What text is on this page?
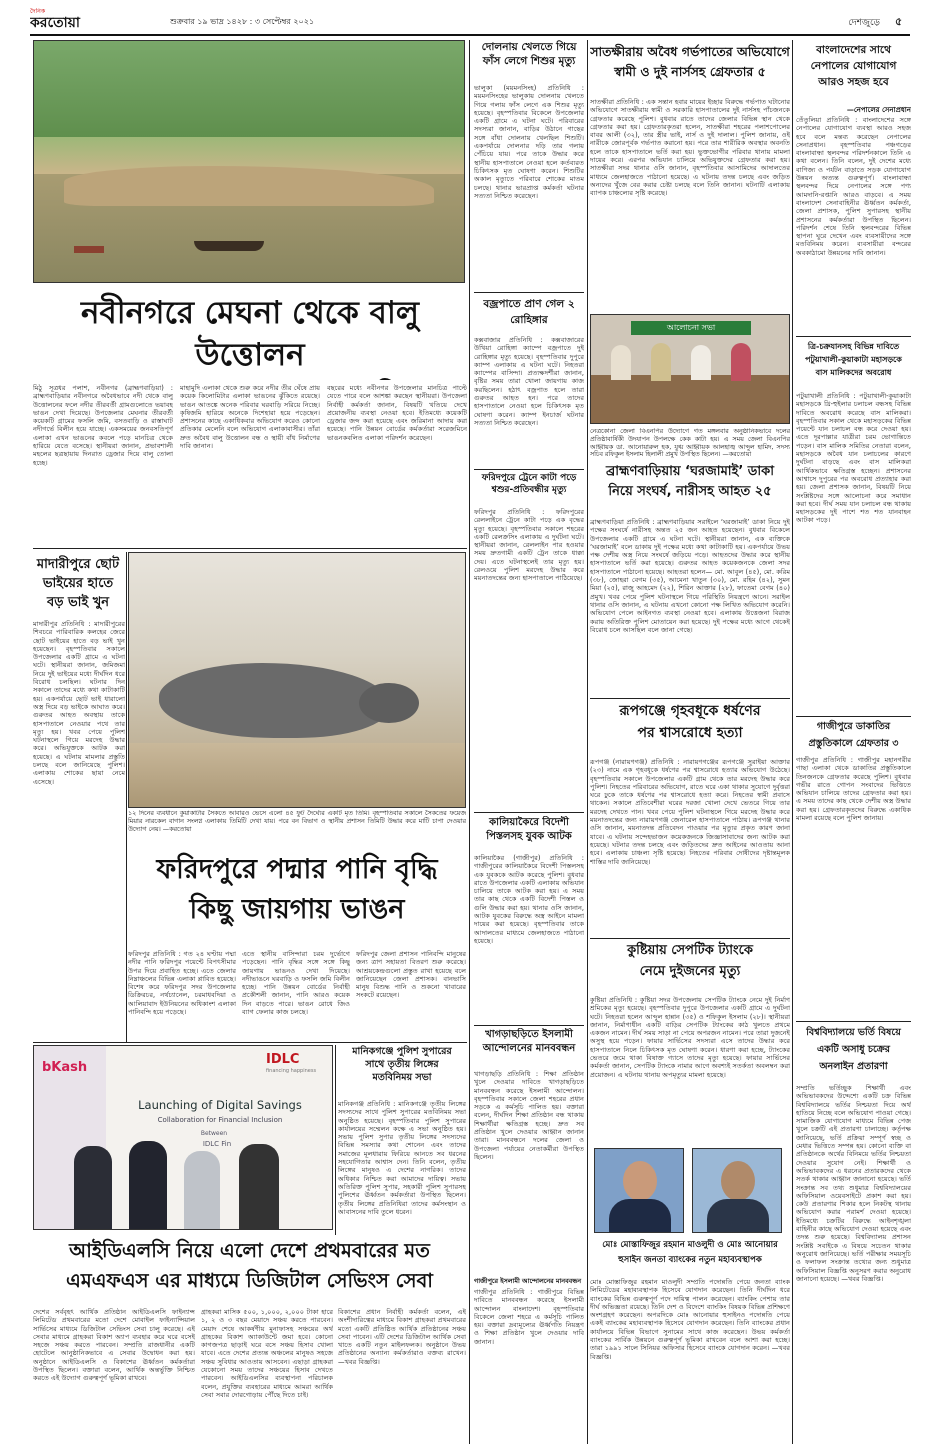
দৈনিক
করতোয়া	শুক্রবার ১৯ ভাদ্র ১৪২৮ : ৩ সেপ্টেম্বর ২০২১	দেশজুড়ে ৫
নবীনগরে মেঘনা থেকে বালু উত্তোলন
মিঠু সূত্রধর পলাশ, নবীনগর (ব্রাহ্মণবাড়িয়া) : ব্রাহ্মণবাড়িয়ার নবীনগরে অবৈধভাবে নদী থেকে বালু উত্তোলনের ফলে নদীর তীরবর্তী গ্রামগুলোতে ভয়াবহ ভাঙন দেখা দিয়েছে। উপজেলার মেঘনার তীরবর্তী কয়েকটি গ্রামের ফসলি জমি, বসতবাড়ি ও রাস্তাঘাট নদীগর্ভে বিলীন হয়ে যাচ্ছে। একসময়ের জনবসতিপূর্ণ এলাকা এখন ভাঙনের কবলে পড়ে মানচিত্র থেকে হারিয়ে যেতে বসেছে। স্থানীয়রা জানান, প্রভাবশালী মহলের ছত্রছায়ায় দিনরাত ড্রেজার দিয়ে বালু তোলা হচ্ছে।
মাহামুদি এলাকা থেকে শুরু করে নদীর তীর ঘেঁষে প্রায় কয়েক কিলোমিটার এলাকা ভাঙনের ঝুঁকিতে রয়েছে। ভাঙন আতঙ্কে অনেক পরিবার ঘরবাড়ি সরিয়ে নিচ্ছে। কৃষিজমি হারিয়ে অনেকে দিশেহারা হয়ে পড়েছেন। প্রশাসনের কাছে একাধিকবার অভিযোগ করেও কোনো প্রতিকার মেলেনি বলে অভিযোগ এলাকাবাসীর। তাঁরা দ্রুত অবৈধ বালু উত্তোলন বন্ধ ও স্থায়ী বাঁধ নির্মাণের দাবি জানান।
বছরের মধ্যে নবীনগর উপজেলার মানচিত্র পাল্টে যেতে পারে বলে আশঙ্কা করছেন স্থানীয়রা। উপজেলা নির্বাহী কর্মকর্তা জানান, বিষয়টি খতিয়ে দেখে প্রয়োজনীয় ব্যবস্থা নেওয়া হবে। ইতিমধ্যে কয়েকটি ড্রেজার জব্দ করা হয়েছে এবং জরিমানা আদায় করা হয়েছে। পানি উন্নয়ন বোর্ডের কর্মকর্তারা সরেজমিনে ভাঙনকবলিত এলাকা পরিদর্শন করেছেন।
মাদারীপুরে ছোট ভাইয়ের হাতে বড় ভাই খুন
মাদারীপুর প্রতিনিধি : মাদারীপুরের শিবচরে পারিবারিক কলহের জেরে ছোট ভাইয়ের হাতে বড় ভাই খুন হয়েছেন। বৃহস্পতিবার সকালে উপজেলার একটি গ্রামে এ ঘটনা ঘটে। স্থানীয়রা জানান, জমিজমা নিয়ে দুই ভাইয়ের মধ্যে দীর্ঘদিন ধরে বিরোধ চলছিল। ঘটনার দিন সকালে তাদের মধ্যে কথা কাটাকাটি হয়। একপর্যায়ে ছোট ভাই ধারালো অস্ত্র দিয়ে বড় ভাইকে আঘাত করে। গুরুতর আহত অবস্থায় তাকে হাসপাতালে নেওয়ার পথে তার মৃত্যু হয়। খবর পেয়ে পুলিশ ঘটনাস্থলে গিয়ে মরদেহ উদ্ধার করে। অভিযুক্তকে আটক করা হয়েছে। এ ঘটনায় মামলার প্রস্তুতি চলছে বলে জানিয়েছে পুলিশ। এলাকায় শোকের ছায়া নেমে এসেছে।
১২ দিনের ব্যবধানে কুয়াকাটার সৈকতে আবারও ভেসে এলো ৪৫ ফুট দৈর্ঘ্যের একটি মৃত তিমি। বৃহস্পতিবার সকালে সৈকতের ফয়েজ মিয়ার নারকেল বাগান সংলগ্ন এলাকায় তিমিটি দেখা যায়। পরে বন বিভাগ ও স্থানীয় প্রশাসন তিমিটি উদ্ধার করে মাটি চাপা দেওয়ার উদ্যোগ নেয়। —করতোয়া
ফরিদপুরে পদ্মার পানি বৃদ্ধি
কিছু জায়গায় ভাঙন
ফরিদপুর প্রতিনিধি : গত ২৪ ঘণ্টায় পদ্মা নদীর পানি ফরিদপুর পয়েন্টে বিপৎসীমার উপর দিয়ে প্রবাহিত হচ্ছে। এতে জেলার নিম্নাঞ্চলের বিভিন্ন এলাকা প্লাবিত হয়েছে। বিশেষ করে ফরিদপুর সদর উপজেলার ডিক্রিরচর, নর্থচ্যানেল, চরমাধবদিয়া ও আলিয়াবাদ ইউনিয়নের অধিকাংশ এলাকা পানিবন্দি হয়ে পড়েছে।
এতে স্থানীয় বাসিন্দারা চরম দুর্ভোগে পড়েছেন। পানি বৃদ্ধির সঙ্গে সঙ্গে কিছু জায়গায় ভাঙনও দেখা দিয়েছে। নদীভাঙনে ঘরবাড়ি ও ফসলি জমি বিলীন হচ্ছে। পানি উন্নয়ন বোর্ডের নির্বাহী প্রকৌশলী জানান, পানি আরও কয়েক দিন বাড়তে পারে। ভাঙন রোধে জিও ব্যাগ ফেলার কাজ চলছে।
ফরিদপুর জেলা প্রশাসন পানিবন্দি মানুষের জন্য ত্রাণ সহায়তা বিতরণ শুরু করেছে। আশ্রয়কেন্দ্রগুলো প্রস্তুত রাখা হয়েছে বলে জানিয়েছেন জেলা প্রশাসক। বানভাসি মানুষ বিশুদ্ধ পানি ও শুকনো খাবারের সংকটে রয়েছেন।
bKash
IDLC
financing happiness
Launching of Digital Savings
Collaboration for Financial Inclusion
Between
IDLC Fin
মানিকগঞ্জে পুলিশ সুপারের
সাথে তৃতীয় লিঙ্গের
মতবিনিময় সভা
মানিকগঞ্জ প্রতিনিধি : মানিকগঞ্জে তৃতীয় লিঙ্গের সদস্যদের সাথে পুলিশ সুপারের মতবিনিময় সভা অনুষ্ঠিত হয়েছে। বৃহস্পতিবার পুলিশ সুপারের কার্যালয়ের সম্মেলন কক্ষে এ সভা অনুষ্ঠিত হয়। সভায় পুলিশ সুপার তৃতীয় লিঙ্গের সদস্যদের বিভিন্ন সমস্যার কথা শোনেন এবং তাদের সমাজের মূলধারায় ফিরিয়ে আনতে সব ধরনের সহযোগিতার আশ্বাস দেন। তিনি বলেন, তৃতীয় লিঙ্গের মানুষও এ দেশের নাগরিক। তাদের অধিকার নিশ্চিত করা আমাদের দায়িত্ব। সভায় অতিরিক্ত পুলিশ সুপার, সহকারী পুলিশ সুপারসহ পুলিশের ঊর্ধ্বতন কর্মকর্তারা উপস্থিত ছিলেন। তৃতীয় লিঙ্গের প্রতিনিধিরা তাদের কর্মসংস্থান ও আবাসনের দাবি তুলে ধরেন।
আইডিএলসি নিয়ে এলো দেশে প্রথমবারের মত
এমএফএস এর মাধ্যমে ডিজিটাল সেভিংস সেবা
দেশের সর্ববৃহৎ আর্থিক প্রতিষ্ঠান আইডিএলসি ফাইন্যান্স লিমিটেড প্রথমবারের মতো দেশে মোবাইল ফাইন্যান্সিয়াল সার্ভিসের মাধ্যমে ডিজিটাল সেভিংস সেবা চালু করেছে। এই সেবার মাধ্যমে গ্রাহকরা বিকাশ অ্যাপ ব্যবহার করে ঘরে বসেই সহজে সঞ্চয় করতে পারবেন। সম্প্রতি রাজধানীর একটি হোটেলে আনুষ্ঠানিকভাবে এ সেবার উদ্বোধন করা হয়। অনুষ্ঠানে আইডিএলসি ও বিকাশের ঊর্ধ্বতন কর্মকর্তারা উপস্থিত ছিলেন। বক্তারা বলেন, আর্থিক অন্তর্ভুক্তি নিশ্চিত করতে এই উদ্যোগ গুরুত্বপূর্ণ ভূমিকা রাখবে।
গ্রাহকরা মাসিক ৫০০, ১,০০০, ২,০০০ টাকা হারে ১, ২ ও ৩ বছর মেয়াদে সঞ্চয় করতে পারবেন। মেয়াদ শেষে আকর্ষণীয় মুনাফাসহ সঞ্চয়ের অর্থ গ্রাহকের বিকাশ অ্যাকাউন্টে জমা হবে। কোনো কাগজপত্র ছাড়াই ঘরে বসে সঞ্চয় হিসাব খোলা যাবে। এতে দেশের প্রত্যন্ত অঞ্চলের মানুষও সহজে সঞ্চয় সুবিধার আওতায় আসবেন। এছাড়া গ্রাহকরা যেকোনো সময় তাদের সঞ্চয়ের হিসাব দেখতে পারবেন। আইডিএলসির ব্যবস্থাপনা পরিচালক বলেন, প্রযুক্তির ব্যবহারের মাধ্যমে আমরা আর্থিক সেবা সবার দোরগোড়ায় পৌঁছে দিতে চাই।
বিকাশের প্রধান নির্বাহী কর্মকর্তা বলেন, এই অংশীদারিত্বের মাধ্যমে বিকাশ গ্রাহকরা প্রথমবারের মতো একটি প্রতিষ্ঠিত আর্থিক প্রতিষ্ঠানের সঞ্চয় সেবা পাবেন। এটি দেশের ডিজিটাল আর্থিক সেবা খাতে একটি নতুন মাইলফলক। অনুষ্ঠানে উভয় প্রতিষ্ঠানের অন্যান্য কর্মকর্তারাও বক্তব্য রাখেন। —খবর বিজ্ঞপ্তি।
দোলনায় খেলতে গিয়ে ফাঁস লেগে শিশুর মৃত্যু
ভালুকা (ময়মনসিংহ) প্রতিনিধি : ময়মনসিংহের ভালুকায় দোলনায় খেলতে গিয়ে গলায় ফাঁস লেগে এক শিশুর মৃত্যু হয়েছে। বৃহস্পতিবার বিকেলে উপজেলার একটি গ্রামে এ ঘটনা ঘটে। পরিবারের সদস্যরা জানান, বাড়ির উঠানে গাছের সঙ্গে বাঁধা দোলনায় খেলছিল শিশুটি। একপর্যায়ে দোলনার দড়ি তার গলায় পেঁচিয়ে যায়। পরে তাকে উদ্ধার করে স্থানীয় হাসপাতালে নেওয়া হলে কর্তব্যরত চিকিৎসক মৃত ঘোষণা করেন। শিশুটির অকাল মৃত্যুতে পরিবারে শোকের মাতম চলছে। থানার ভারপ্রাপ্ত কর্মকর্তা ঘটনার সত্যতা নিশ্চিত করেছেন।
বজ্রপাতে প্রাণ গেল ২ রোহিঙ্গার
কক্সবাজার প্রতিনিধি : কক্সবাজারের উখিয়া রোহিঙ্গা ক্যাম্পে বজ্রপাতে দুই রোহিঙ্গার মৃত্যু হয়েছে। বৃহস্পতিবার দুপুরে ক্যাম্প এলাকায় এ ঘটনা ঘটে। নিহতরা ক্যাম্পের বাসিন্দা। প্রত্যক্ষদর্শীরা জানান, বৃষ্টির সময় তারা খোলা জায়গায় কাজ করছিলেন। হঠাৎ বজ্রপাত হলে তারা গুরুতর আহত হন। পরে তাদের হাসপাতালে নেওয়া হলে চিকিৎসক মৃত ঘোষণা করেন। ক্যাম্প ইনচার্জ ঘটনার সত্যতা নিশ্চিত করেছেন।
ফরিদপুরে ট্রেনে কাটা পড়ে শ্বশুর-প্রতিবন্ধীর মৃত্যু
ফরিদপুর প্রতিনিধি : ফরিদপুরের রেললাইনে ট্রেনে কাটা পড়ে এক বৃদ্ধের মৃত্যু হয়েছে। বৃহস্পতিবার সকালে শহরের একটি রেলক্রসিং এলাকায় এ দুর্ঘটনা ঘটে। স্থানীয়রা জানান, রেললাইন পার হওয়ার সময় দ্রুতগামী একটি ট্রেন তাকে ধাক্কা দেয়। এতে ঘটনাস্থলেই তার মৃত্যু হয়। রেলওয়ে পুলিশ মরদেহ উদ্ধার করে ময়নাতদন্তের জন্য হাসপাতালে পাঠিয়েছে।
কালিয়াকৈরে বিদেশী পিস্তলসহ যুবক আটক
কালিয়াকৈর (গাজীপুর) প্রতিনিধি : গাজীপুরের কালিয়াকৈরে বিদেশী পিস্তলসহ এক যুবককে আটক করেছে পুলিশ। বুধবার রাতে উপজেলার একটি এলাকায় অভিযান চালিয়ে তাকে আটক করা হয়। এ সময় তার কাছ থেকে একটি বিদেশী পিস্তল ও গুলি উদ্ধার করা হয়। থানার ওসি জানান, আটক যুবকের বিরুদ্ধে অস্ত্র আইনে মামলা দায়ের করা হয়েছে। বৃহস্পতিবার তাকে আদালতের মাধ্যমে জেলহাজতে পাঠানো হয়েছে।
খাগড়াছড়িতে ইসলামী আন্দোলনের মানববন্ধন
খাগড়াছড়ি প্রতিনিধি : শিক্ষা প্রতিষ্ঠান খুলে দেওয়ার দাবিতে খাগড়াছড়িতে মানববন্ধন করেছে ইসলামী আন্দোলন। বৃহস্পতিবার সকালে জেলা শহরের প্রধান সড়কে এ কর্মসূচি পালিত হয়। বক্তারা বলেন, দীর্ঘদিন শিক্ষা প্রতিষ্ঠান বন্ধ থাকায় শিক্ষার্থীরা ক্ষতিগ্রস্ত হচ্ছে। দ্রুত সব প্রতিষ্ঠান খুলে দেওয়ার আহ্বান জানান তারা। মানববন্ধনে দলের জেলা ও উপজেলা পর্যায়ের নেতাকর্মীরা উপস্থিত ছিলেন।
গাজীপুরে ইসলামী আন্দোলনের মানববন্ধন
গাজীপুর প্রতিনিধি : গাজীপুরে বিভিন্ন দাবিতে মানববন্ধন করেছে ইসলামী আন্দোলন বাংলাদেশ। বৃহস্পতিবার বিকেলে জেলা শহরে এ কর্মসূচি পালিত হয়। বক্তারা দ্রব্যমূল্যের ঊর্ধ্বগতি নিয়ন্ত্রণ ও শিক্ষা প্রতিষ্ঠান খুলে দেওয়ার দাবি জানান।
সাতক্ষীরায় অবৈধ গর্ভপাতের অভিযোগে
স্বামী ও দুই নার্সসহ গ্রেফতার ৫
সাতক্ষীরা প্রতিনিধি : এক সন্তান হবার মায়ের ইচ্ছার বিরুদ্ধে গর্ভপাত ঘটানোর অভিযোগে সাতক্ষীরায় স্বামী ও সরকারি হাসপাতালের দুই নার্সসহ পাঁচজনকে গ্রেফতার করেছে পুলিশ। বুধবার রাতে তাদের জেলার বিভিন্ন স্থান থেকে গ্রেফতার করা হয়। গ্রেফতারকৃতরা হলেন, সাতক্ষীরা শহরের পলাশপোলের বাবর আলী (৩২), তার স্ত্রীর ভাই, নার্স ও দুই দালাল। পুলিশ জানায়, ওই নারীকে জোরপূর্বক গর্ভপাত করানো হয়। পরে তার শারীরিক অবস্থার অবনতি হলে তাকে হাসপাতালে ভর্তি করা হয়। ভুক্তভোগীর পরিবার থানায় মামলা দায়ের করে। এরপর অভিযান চালিয়ে অভিযুক্তদের গ্রেফতার করা হয়। সাতক্ষীরা সদর থানার ওসি জানান, বৃহস্পতিবার আসামিদের আদালতের মাধ্যমে জেলহাজতে পাঠানো হয়েছে। এ ঘটনায় তদন্ত চলছে এবং জড়িত অন্যদের খুঁজে বের করার চেষ্টা চলছে বলে তিনি জানান। ঘটনাটি এলাকায় ব্যাপক চাঞ্চল্যের সৃষ্টি করেছে।
আলোচনা সভা
নেত্রকোনা জেলা বিএনপির উদ্যোগে গত মঙ্গলবার অনুষ্ঠানিকভাবে দলের প্রতিষ্ঠাবার্ষিকী উদযাপন উপলক্ষে কেক কাটা হয়। এ সময় জেলা বিএনপির আহ্বায়ক ডা. আনোয়ারুল হক, যুগ্ম আহ্বায়ক আলহাজ্ব আব্দুল হামিদ, সদস্য সচিব রফিকুল ইসলাম হিলালী প্রমুখ উপস্থিত ছিলেন। —করতোয়া
ব্রাহ্মণবাড়িয়ায় ‘ঘরজামাই’ ডাকা
নিয়ে সংঘর্ষ, নারীসহ আহত ২৫
ব্রাহ্মণবাড়িয়া প্রতিনিধি : ব্রাহ্মণবাড়িয়ার সরাইলে ‘ঘরজামাই’ ডাকা নিয়ে দুই পক্ষের সংঘর্ষে নারীসহ অন্তত ২৫ জন আহত হয়েছেন। বুধবার বিকেলে উপজেলার একটি গ্রামে এ ঘটনা ঘটে। স্থানীয়রা জানান, এক ব্যক্তিকে ‘ঘরজামাই’ বলে ডাকায় দুই পক্ষের মধ্যে কথা কাটাকাটি হয়। একপর্যায়ে উভয় পক্ষ দেশীয় অস্ত্র নিয়ে সংঘর্ষে জড়িয়ে পড়ে। আহতদের উদ্ধার করে স্থানীয় হাসপাতালে ভর্তি করা হয়েছে। গুরুতর আহত কয়েকজনকে জেলা সদর হাসপাতালে পাঠানো হয়েছে। আহতরা হলেন— মো. আবুল (৪৫), মো. করিম (৩৮), জোহরা বেগম (৩৫), আমেনা খাতুন (৩০), মো. রহিম (৪২), সুমন মিয়া (২৫), রাজু আহমেদ (২২), শিরিন আক্তার (২৮), ফাতেমা বেগম (৪০) প্রমুখ। খবর পেয়ে পুলিশ ঘটনাস্থলে গিয়ে পরিস্থিতি নিয়ন্ত্রণে আনে। সরাইল থানার ওসি জানান, এ ঘটনায় এখনো কোনো পক্ষ লিখিত অভিযোগ করেনি। অভিযোগ পেলে আইনগত ব্যবস্থা নেওয়া হবে। এলাকায় উত্তেজনা বিরাজ করায় অতিরিক্ত পুলিশ মোতায়েন করা হয়েছে। দুই পক্ষের মধ্যে আগে থেকেই বিরোধ চলে আসছিল বলে জানা গেছে।
রূপগঞ্জে গৃহবধূকে ধর্ষণের
পর শ্বাসরোধে হত্যা
রূপগঞ্জ (নারায়ণগঞ্জ) প্রতিনিধি : নারায়ণগঞ্জের রূপগঞ্জে সুরাইয়া আক্তার (২৩) নামে এক গৃহবধূকে ধর্ষণের পর শ্বাসরোধে হত্যার অভিযোগ উঠেছে। বৃহস্পতিবার সকালে উপজেলার একটি গ্রাম থেকে তার মরদেহ উদ্ধার করে পুলিশ। নিহতের পরিবারের অভিযোগ, রাতে ঘরে একা থাকার সুযোগে দুর্বৃত্তরা ঘরে ঢুকে তাকে ধর্ষণের পর শ্বাসরোধে হত্যা করে। নিহতের স্বামী প্রবাসে থাকেন। সকালে প্রতিবেশীরা ঘরের দরজা খোলা দেখে ভেতরে গিয়ে তার মরদেহ দেখতে পান। খবর পেয়ে পুলিশ ঘটনাস্থলে গিয়ে মরদেহ উদ্ধার করে ময়নাতদন্তের জন্য নারায়ণগঞ্জ জেনারেল হাসপাতালে পাঠায়। রূপগঞ্জ থানার ওসি জানান, ময়নাতদন্ত প্রতিবেদন পাওয়ার পর মৃত্যুর প্রকৃত কারণ জানা যাবে। এ ঘটনায় সন্দেহভাজন কয়েকজনকে জিজ্ঞাসাবাদের জন্য আটক করা হয়েছে। ঘটনার তদন্ত চলছে এবং জড়িতদের দ্রুত আইনের আওতায় আনা হবে। এলাকায় চাঞ্চল্য সৃষ্টি হয়েছে। নিহতের পরিবার দোষীদের দৃষ্টান্তমূলক শাস্তির দাবি জানিয়েছে।
কুষ্টিয়ায় সেপটিক ট্যাংকে
নেমে দুইজনের মৃত্যু
কুষ্টিয়া প্রতিনিধি : কুষ্টিয়া সদর উপজেলায় সেপটিক ট্যাংকে নেমে দুই নির্মাণ শ্রমিকের মৃত্যু হয়েছে। বৃহস্পতিবার দুপুরে উপজেলার একটি গ্রামে এ দুর্ঘটনা ঘটে। নিহতরা হলেন আব্দুল হান্নান (৩৫) ও শফিকুল ইসলাম (২৮)। স্থানীয়রা জানান, নির্মাণাধীন একটি বাড়ির সেপটিক ট্যাংকের কাঠ খুলতে প্রথমে একজন নামেন। দীর্ঘ সময় সাড়া না পেয়ে অপরজন নামেন। পরে তারা দুজনেই অসুস্থ হয়ে পড়েন। ফায়ার সার্ভিসের সদস্যরা এসে তাদের উদ্ধার করে হাসপাতালে নিলে চিকিৎসক মৃত ঘোষণা করেন। ধারণা করা হচ্ছে, ট্যাংকের ভেতরে জমে থাকা বিষাক্ত গ্যাসে তাদের মৃত্যু হয়েছে। ফায়ার সার্ভিসের কর্মকর্তা জানান, সেপটিক ট্যাংকে নামার আগে অবশ্যই সতর্কতা অবলম্বন করা প্রয়োজন। এ ঘটনায় থানায় অপমৃত্যুর মামলা হয়েছে।
মোঃ মোস্তাফিজুর রহমান মাওলুদী ও মোঃ আনোয়ার
হুসাইন জনতা ব্যাংকের নতুন মহাব্যবস্থাপক
মোঃ মোস্তাফিজুর রহমান মাওলুদী সম্প্রতি পদোন্নতি পেয়ে জনতা ব্যাংক লিমিটেডের মহাব্যবস্থাপক হিসেবে যোগদান করেছেন। তিনি দীর্ঘদিন ধরে ব্যাংকের বিভিন্ন গুরুত্বপূর্ণ পদে দায়িত্ব পালন করেছেন। ব্যাংকিং পেশায় তার দীর্ঘ অভিজ্ঞতা রয়েছে। তিনি দেশ ও বিদেশে ব্যাংকিং বিষয়ক বিভিন্ন প্রশিক্ষণে অংশগ্রহণ করেছেন। অপরদিকে মোঃ আনোয়ার হুসাইনও পদোন্নতি পেয়ে একই ব্যাংকের মহাব্যবস্থাপক হিসেবে যোগদান করেছেন। তিনি ব্যাংকের প্রধান কার্যালয়ে বিভিন্ন বিভাগে সুনামের সাথে কাজ করেছেন। উভয় কর্মকর্তা ব্যাংকের সার্বিক উন্নয়নে গুরুত্বপূর্ণ ভূমিকা রাখবেন বলে আশা করা হচ্ছে। তারা ১৯৯১ সালে সিনিয়র অফিসার হিসেবে ব্যাংকে যোগদান করেন। —খবর বিজ্ঞপ্তি।
বাংলাদেশের সাথে
নেপালের যোগাযোগ
আরও সহজ হবে
—নেপালের সেনাপ্রধান
তেঁতুলিয়া প্রতিনিধি : বাংলাদেশের সঙ্গে নেপালের যোগাযোগ ব্যবস্থা আরও সহজ হবে বলে মন্তব্য করেছেন নেপালের সেনাপ্রধান। বৃহস্পতিবার পঞ্চগড়ের বাংলাবান্ধা স্থলবন্দর পরিদর্শনকালে তিনি এ কথা বলেন। তিনি বলেন, দুই দেশের মধ্যে বাণিজ্য ও পর্যটন বাড়াতে সড়ক যোগাযোগ উন্নয়ন অত্যন্ত গুরুত্বপূর্ণ। বাংলাবান্ধা স্থলবন্দর দিয়ে নেপালের সঙ্গে পণ্য আমদানি-রপ্তানি আরও বাড়বে। এ সময় বাংলাদেশ সেনাবাহিনীর ঊর্ধ্বতন কর্মকর্তা, জেলা প্রশাসক, পুলিশ সুপারসহ স্থানীয় প্রশাসনের কর্মকর্তারা উপস্থিত ছিলেন। পরিদর্শন শেষে তিনি স্থলবন্দরের বিভিন্ন স্থাপনা ঘুরে দেখেন এবং ব্যবসায়ীদের সঙ্গে মতবিনিময় করেন। ব্যবসায়ীরা বন্দরের অবকাঠামো উন্নয়নের দাবি জানান।
ত্রি-চক্রযানসহ বিভিন্ন দাবিতে
পটুয়াখালী-কুয়াকাটা মহাসড়কে
বাস মালিকদের অবরোধ
পটুয়াখালী প্রতিনিধি : পটুয়াখালী-কুয়াকাটা মহাসড়কে থ্রি-হুইলার চলাচল বন্ধসহ বিভিন্ন দাবিতে অবরোধ করেছে বাস মালিকরা। বৃহস্পতিবার সকাল থেকে মহাসড়কের বিভিন্ন পয়েন্টে যান চলাচল বন্ধ করে দেওয়া হয়। এতে দূরপাল্লার যাত্রীরা চরম ভোগান্তিতে পড়েন। বাস মালিক সমিতির নেতারা বলেন, মহাসড়কে অবৈধ যান চলাচলের কারণে দুর্ঘটনা বাড়ছে এবং বাস মালিকরা আর্থিকভাবে ক্ষতিগ্রস্ত হচ্ছেন। প্রশাসনের আশ্বাসে দুপুরের পর অবরোধ প্রত্যাহার করা হয়। জেলা প্রশাসক জানান, বিষয়টি নিয়ে সংশ্লিষ্টদের সঙ্গে আলোচনা করে সমাধান করা হবে। দীর্ঘ সময় যান চলাচল বন্ধ থাকায় মহাসড়কের দুই পাশে শত শত যানবাহন আটকা পড়ে।
গাজীপুরে ডাকাতির
প্রস্তুতিকালে গ্রেফতার ৩
গাজীপুর প্রতিনিধি : গাজীপুর মহানগরীর গাছা এলাকা থেকে ডাকাতির প্রস্তুতিকালে তিনজনকে গ্রেফতার করেছে পুলিশ। বুধবার গভীর রাতে গোপন সংবাদের ভিত্তিতে অভিযান চালিয়ে তাদের গ্রেফতার করা হয়। এ সময় তাদের কাছ থেকে দেশীয় অস্ত্র উদ্ধার করা হয়। গ্রেফতারকৃতদের বিরুদ্ধে একাধিক মামলা রয়েছে বলে পুলিশ জানায়।
বিশ্ববিদ্যালয়ে ভর্তি বিষয়ে
একটি অসাধু চক্রের
অনলাইন প্রতারণা
সম্প্রতি ভর্তিচ্ছুক শিক্ষার্থী এবং অভিভাবকদের উদ্দেশ্যে একটি চক্র বিভিন্ন বিশ্ববিদ্যালয়ে ভর্তির নিশ্চয়তা দিয়ে অর্থ হাতিয়ে নিচ্ছে বলে অভিযোগ পাওয়া গেছে। সামাজিক যোগাযোগ মাধ্যমে বিভিন্ন পেজ খুলে চক্রটি এই প্রতারণা চালাচ্ছে। কর্তৃপক্ষ জানিয়েছে, ভর্তি প্রক্রিয়া সম্পূর্ণ স্বচ্ছ ও মেধার ভিত্তিতে সম্পন্ন হয়। কোনো ব্যক্তি বা প্রতিষ্ঠানকে অর্থের বিনিময়ে ভর্তির নিশ্চয়তা দেওয়ার সুযোগ নেই। শিক্ষার্থী ও অভিভাবকদের এ ধরনের প্রতারকদের থেকে সতর্ক থাকার আহ্বান জানানো হয়েছে। ভর্তি সংক্রান্ত সব তথ্য শুধুমাত্র বিশ্ববিদ্যালয়ের অফিসিয়াল ওয়েবসাইটে প্রকাশ করা হয়। কেউ প্রতারণার শিকার হলে নিকটস্থ থানায় অভিযোগ করার পরামর্শ দেওয়া হয়েছে। ইতিমধ্যে চক্রটির বিরুদ্ধে আইনশৃঙ্খলা বাহিনীর কাছে অভিযোগ দেওয়া হয়েছে এবং তদন্ত শুরু হয়েছে। বিশ্ববিদ্যালয় প্রশাসন সংশ্লিষ্ট সবাইকে এ বিষয়ে সচেতন থাকার অনুরোধ জানিয়েছে। ভর্তি পরীক্ষার সময়সূচি ও ফলাফল সংক্রান্ত তথ্যের জন্য শুধুমাত্র অফিসিয়াল বিজ্ঞপ্তি অনুসরণ করার অনুরোধ জানানো হয়েছে। —খবর বিজ্ঞপ্তি।
